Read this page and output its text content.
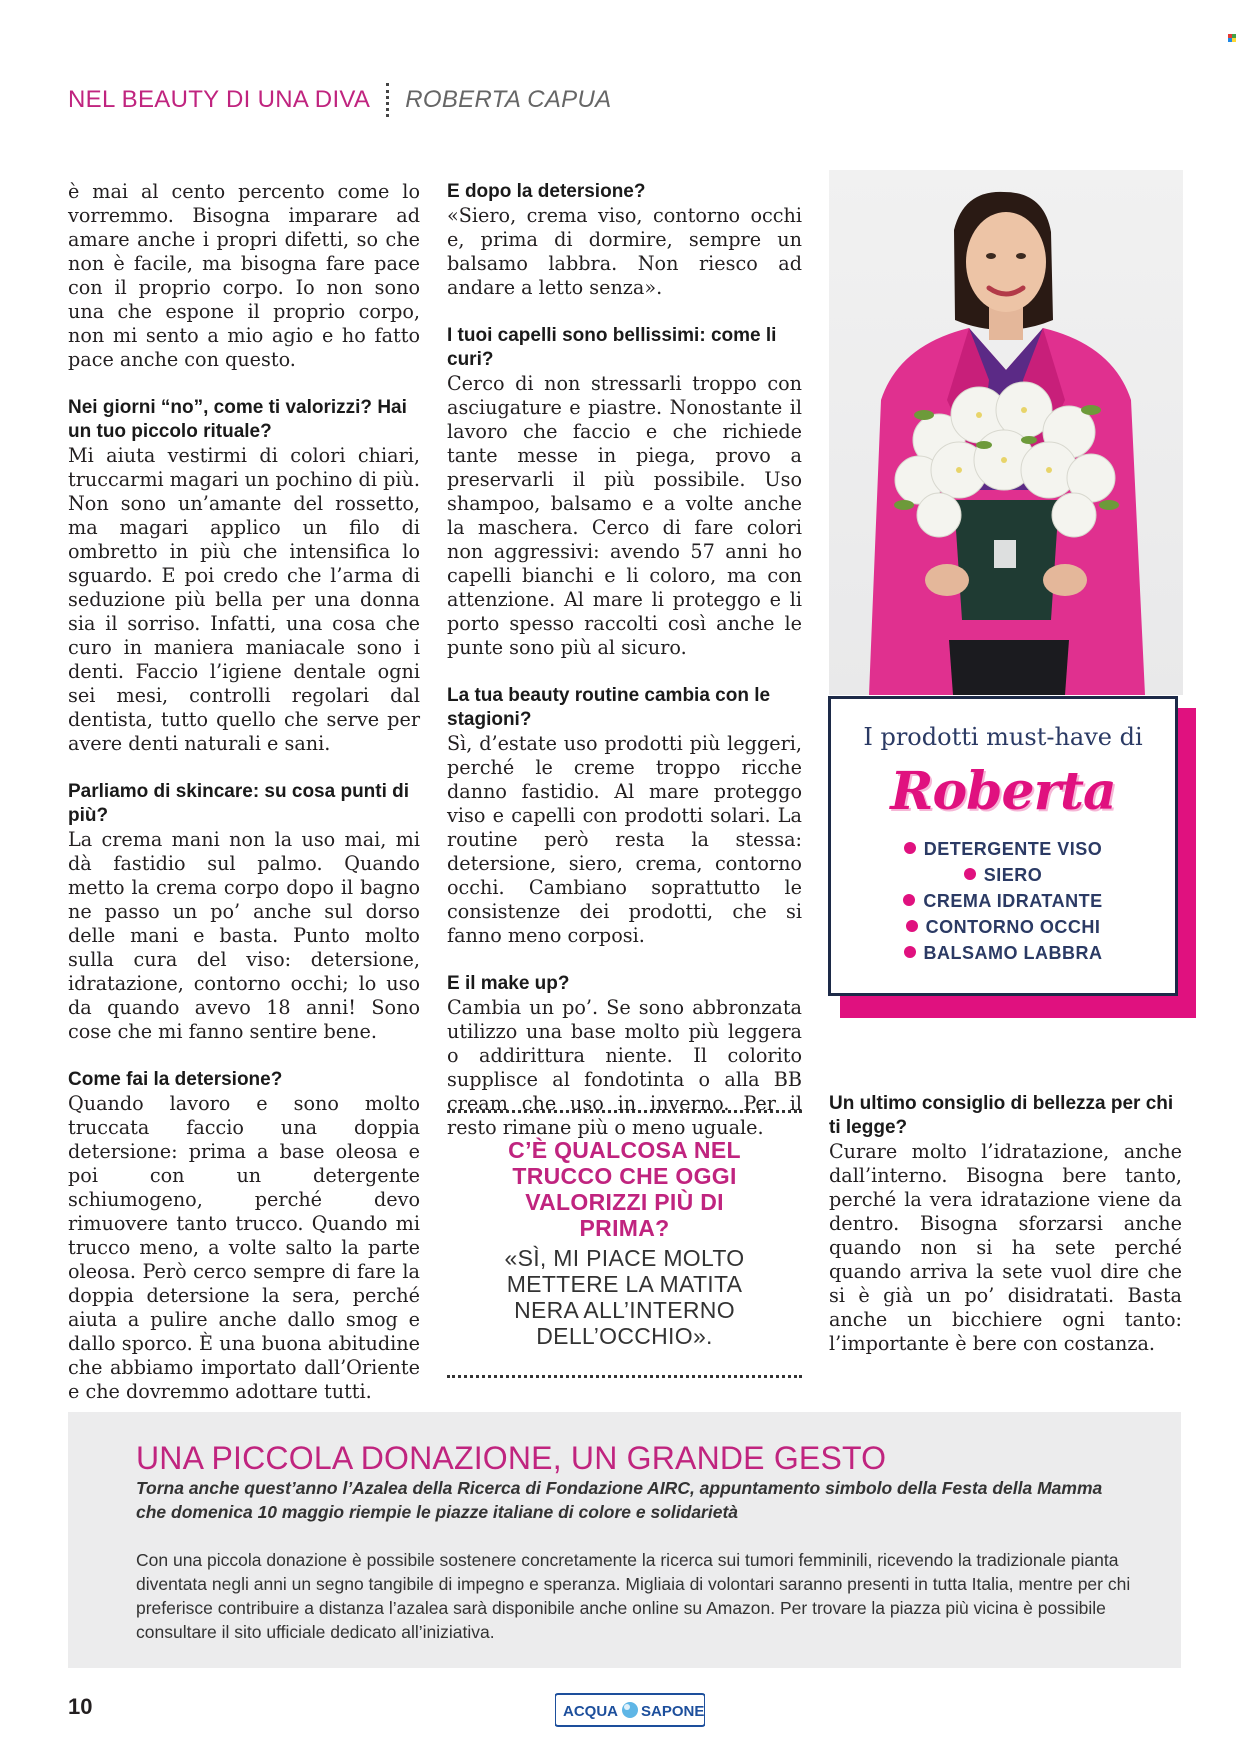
NEL BEAUTY DI UNA DIVA ROBERTA CAPUA

è mai al cento percento come lo vorremmo. Bisogna imparare ad amare anche i propri difetti, so che non è facile, ma bisogna fare pace con il proprio corpo. Io non sono una che espone il proprio corpo, non mi sento a mio agio e ho fatto pace anche con questo.

Nei giorni “no”, come ti valorizzi? Hai un tuo piccolo rituale?

Mi aiuta vestirmi di colori chiari, truccarmi magari un pochino di più. Non sono un’amante del rossetto, ma magari applico un filo di ombretto in più che intensifica lo sguardo. E poi credo che l’arma di seduzione più bella per una donna sia il sorriso. Infatti, una cosa che curo in maniera maniacale sono i denti. Faccio l’igiene dentale ogni sei mesi, controlli regolari dal dentista, tutto quello che serve per avere denti naturali e sani.

Parliamo di skincare: su cosa punti di più?

La crema mani non la uso mai, mi dà fastidio sul palmo. Quando metto la crema corpo dopo il bagno ne passo un po’ anche sul dorso delle mani e basta. Punto molto sulla cura del viso: detersione, idratazione, contorno occhi; lo uso da quando avevo 18 anni! Sono cose che mi fanno sentire bene.

Come fai la detersione?

Quando lavoro e sono molto truccata faccio una doppia detersione: prima a base oleosa e poi con un detergente schiumogeno, perché devo rimuovere tanto trucco. Quando mi trucco meno, a volte salto la parte oleosa. Però cerco sempre di fare la doppia detersione la sera, perché aiuta a pulire anche dallo smog e dallo sporco. È una buona abitudine che abbiamo importato dall’Oriente e che dovremmo adottare tutti.

E dopo la detersione?

«Siero, crema viso, contorno occhi e, prima di dormire, sempre un balsamo labbra. Non riesco ad andare a letto senza».

I tuoi capelli sono bellissimi: come li curi?

Cerco di non stressarli troppo con asciugature e piastre. Nonostante il lavoro che faccio e che richiede tante messe in piega, provo a preservarli il più possibile. Uso shampoo, balsamo e a volte anche la maschera. Cerco di fare colori non aggressivi: avendo 57 anni ho capelli bianchi e li coloro, ma con attenzione. Al mare li proteggo e li porto spesso raccolti così anche le punte sono più al sicuro.

La tua beauty routine cambia con le stagioni?

Sì, d’estate uso prodotti più leggeri, perché le creme troppo ricche danno fastidio. Al mare proteggo viso e capelli con prodotti solari. La routine però resta la stessa: detersione, siero, crema, contorno occhi. Cambiano soprattutto le consistenze dei prodotti, che si fanno meno corposi.

E il make up?

Cambia un po’. Se sono abbronzata utilizzo una base molto più leggera o addirittura niente. Il colorito supplisce al fondotinta o alla BB cream che uso in inverno. Per il resto rimane più o meno uguale.

C’È QUALCOSA NEL TRUCCO CHE OGGI VALORIZZI PIÙ DI PRIMA?
«SÌ, MI PIACE MOLTO METTERE LA MATITA NERA ALL’INTERNO DELL’OCCHIO».
I prodotti must-have di
Roberta
DETERGENTE VISO
SIERO
CREMA IDRATANTE
CONTORNO OCCHI
BALSAMO LABBRA

Un ultimo consiglio di bellezza per chi ti legge?

Curare molto l’idratazione, anche dall’interno. Bisogna bere tanto, perché la vera idratazione viene da dentro. Bisogna sforzarsi anche quando non si ha sete perché quando arriva la sete vuol dire che si è già un po’ disidratati. Basta anche un bicchiere ogni tanto: l’importante è bere con costanza.

UNA PICCOLA DONAZIONE, UN GRANDE GESTO
Torna anche quest’anno l’Azalea della Ricerca di Fondazione AIRC, appuntamento simbolo della Festa della Mamma che domenica 10 maggio riempie le piazze italiane di colore e solidarietà
Con una piccola donazione è possibile sostenere concretamente la ricerca sui tumori femminili, ricevendo la tradizionale pianta diventata negli anni un segno tangibile di impegno e speranza. Migliaia di volontari saranno presenti in tutta Italia, mentre per chi preferisce contribuire a distanza l’azalea sarà disponibile anche online su Amazon. Per trovare la piazza più vicina è possibile consultare il sito ufficiale dedicato all’iniziativa.
10	ACQUA SAPONE
